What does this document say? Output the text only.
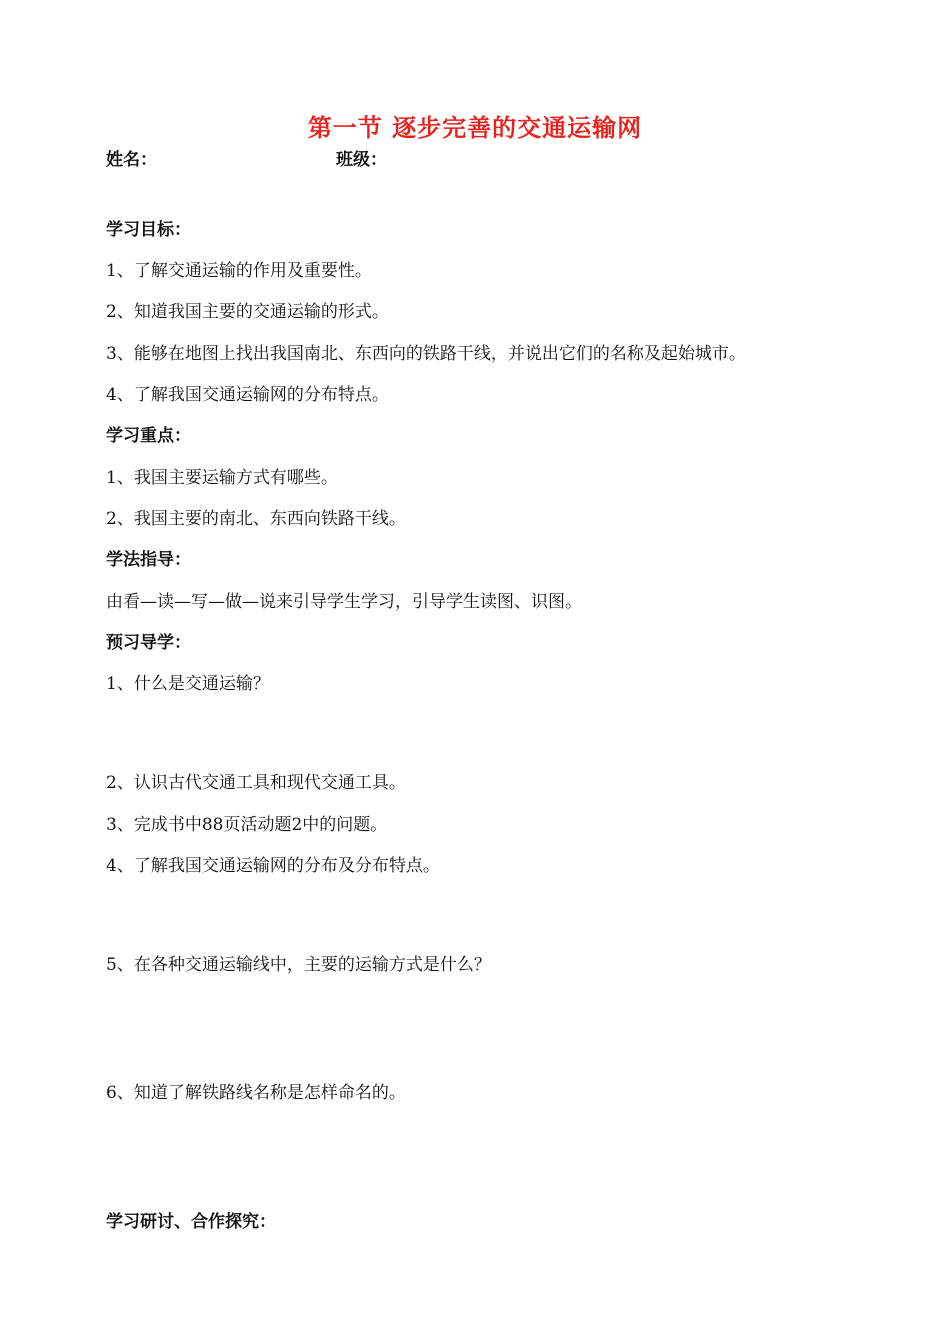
第一节 逐步完善的交通运输网
姓名：	班级：
学习目标：
1、了解交通运输的作用及重要性。
2、知道我国主要的交通运输的形式。
3、能够在地图上找出我国南北、东西向的铁路干线，并说出它们的名称及起始城市。
4、了解我国交通运输网的分布特点。
学习重点：
1、我国主要运输方式有哪些。
2、我国主要的南北、东西向铁路干线。
学法指导：
由看—读—写—做—说来引导学生学习，引导学生读图、识图。
预习导学：
1、什么是交通运输？
2、认识古代交通工具和现代交通工具。
3、完成书中88页活动题2中的问题。
4、了解我国交通运输网的分布及分布特点。
5、在各种交通运输线中，主要的运输方式是什么？
6、知道了解铁路线名称是怎样命名的。
学习研讨、合作探究：
